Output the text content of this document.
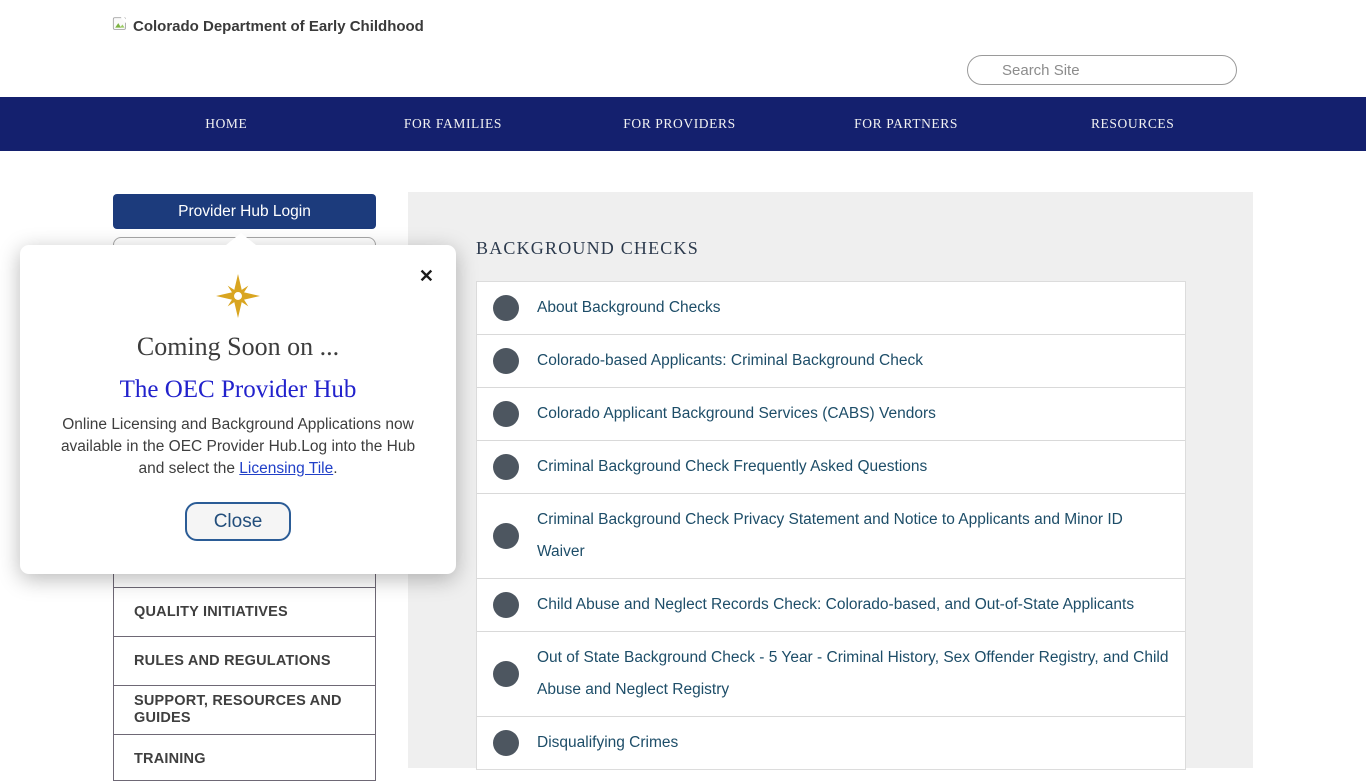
Colorado Department of Early Childhood
Search Site
HOME	FOR FAMILIES	FOR PROVIDERS	FOR PARTNERS	RESOURCES
BACKGROUND CHECKS
About Background Checks
Colorado-based Applicants: Criminal Background Check
Colorado Applicant Background Services (CABS) Vendors
Criminal Background Check Frequently Asked Questions
Criminal Background Check Privacy Statement and Notice to Applicants and Minor ID Waiver
Child Abuse and Neglect Records Check: Colorado-based, and Out-of-State Applicants
Out of State Background Check - 5 Year - Criminal History, Sex Offender Registry, and Child Abuse and Neglect Registry
Disqualifying Crimes
Provider Hub Login
QUALITY INITIATIVES
RULES AND REGULATIONS
SUPPORT, RESOURCES AND GUIDES
TRAINING
✕
Coming Soon on ...
The OEC Provider Hub

Online Licensing and Background Applications now available in the OEC Provider Hub.Log into the Hub and select the Licensing Tile.

Close
